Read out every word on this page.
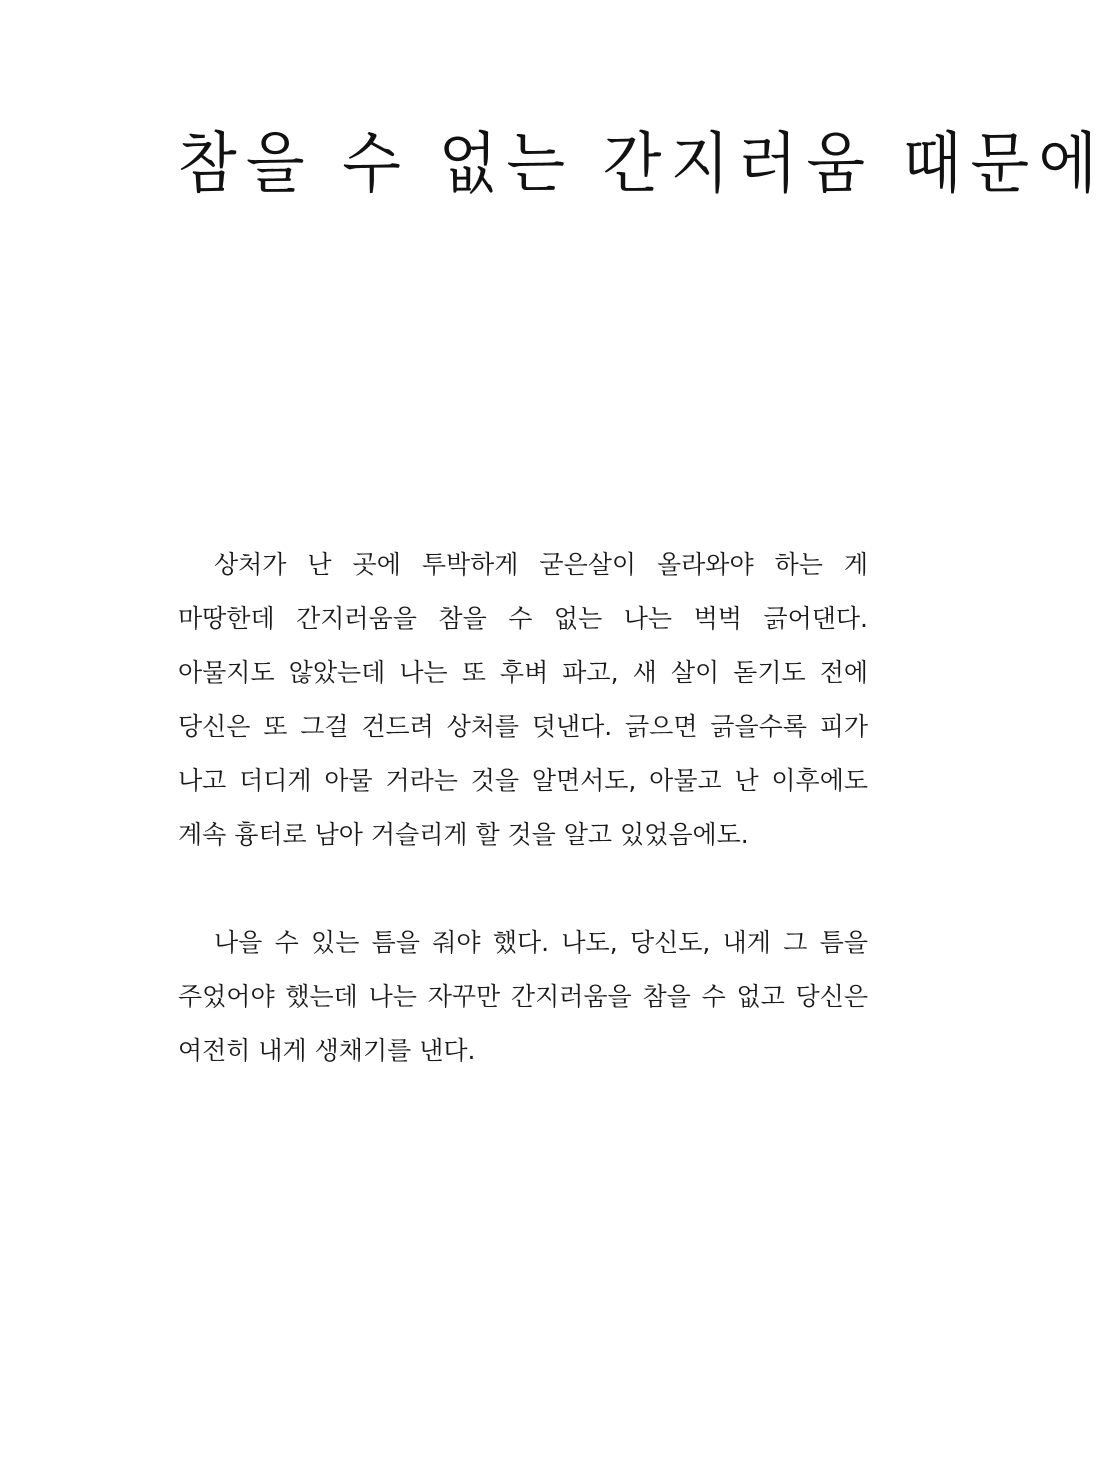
참을 수 없는 간지러움 때문에

상처가 난 곳에 투박하게 굳은살이 올라와야 하는 게 마땅한데 간지러움을 참을 수 없는 나는 벅벅 긁어댄다. 아물지도 않았는데 나는 또 후벼 파고, 새 살이 돋기도 전에 당신은 또 그걸 건드려 상처를 덧낸다. 긁으면 긁을수록 피가 나고 더디게 아물 거라는 것을 알면서도, 아물고 난 이후에도 계속 흉터로 남아 거슬리게 할 것을 알고 있었음에도.

나을 수 있는 틈을 줘야 했다. 나도, 당신도, 내게 그 틈을 주었어야 했는데 나는 자꾸만 간지러움을 참을 수 없고 당신은 여전히 내게 생채기를 낸다.
